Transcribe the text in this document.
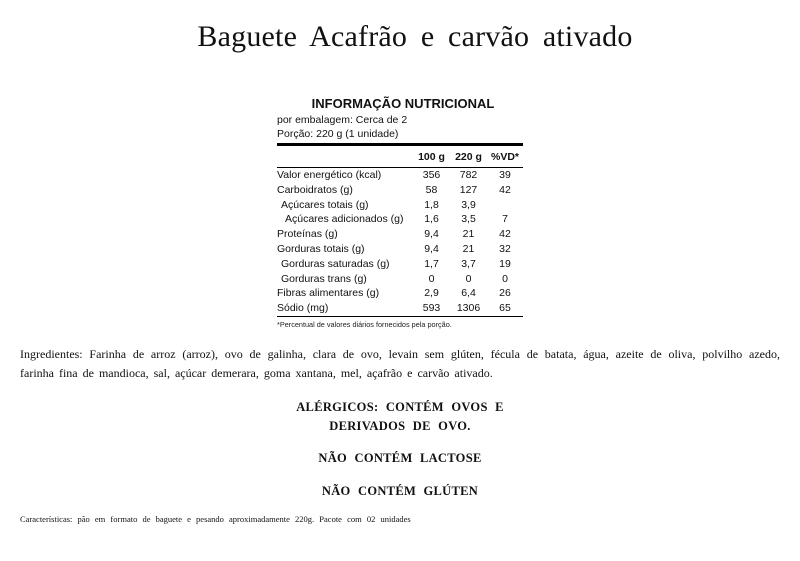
Baguete Acafrão e carvão ativado
INFORMAÇÃO NUTRICIONAL
por embalagem: Cerca de 2
Porção: 220 g (1 unidade)
	100 g	220 g	%VD*
Valor energético (kcal)	356	782	39
Carboidratos (g)	58	127	42
Açúcares totais (g)	1,8	3,9	
Açúcares adicionados (g)	1,6	3,5	7
Proteínas (g)	9,4	21	42
Gorduras totais (g)	9,4	21	32
Gorduras saturadas (g)	1,7	3,7	19
Gorduras trans (g)	0	0	0
Fibras alimentares (g)	2,9	6,4	26
Sódio (mg)	593	1306	65
*Percentual de valores diários fornecidos pela porção.
Ingredientes: Farinha de arroz (arroz), ovo de galinha, clara de ovo, levain sem glúten, fécula de batata, água, azeite de oliva, polvilho azedo, farinha fina de mandioca, sal, açúcar demerara, goma xantana, mel, açafrão e carvão ativado.
ALÉRGICOS: CONTÉM OVOS E
DERIVADOS DE OVO.
NÃO CONTÉM LACTOSE
NÃO CONTÉM GLÚTEN
Características: pão em formato de baguete e pesando aproximadamente 220g. Pacote com 02 unidades
